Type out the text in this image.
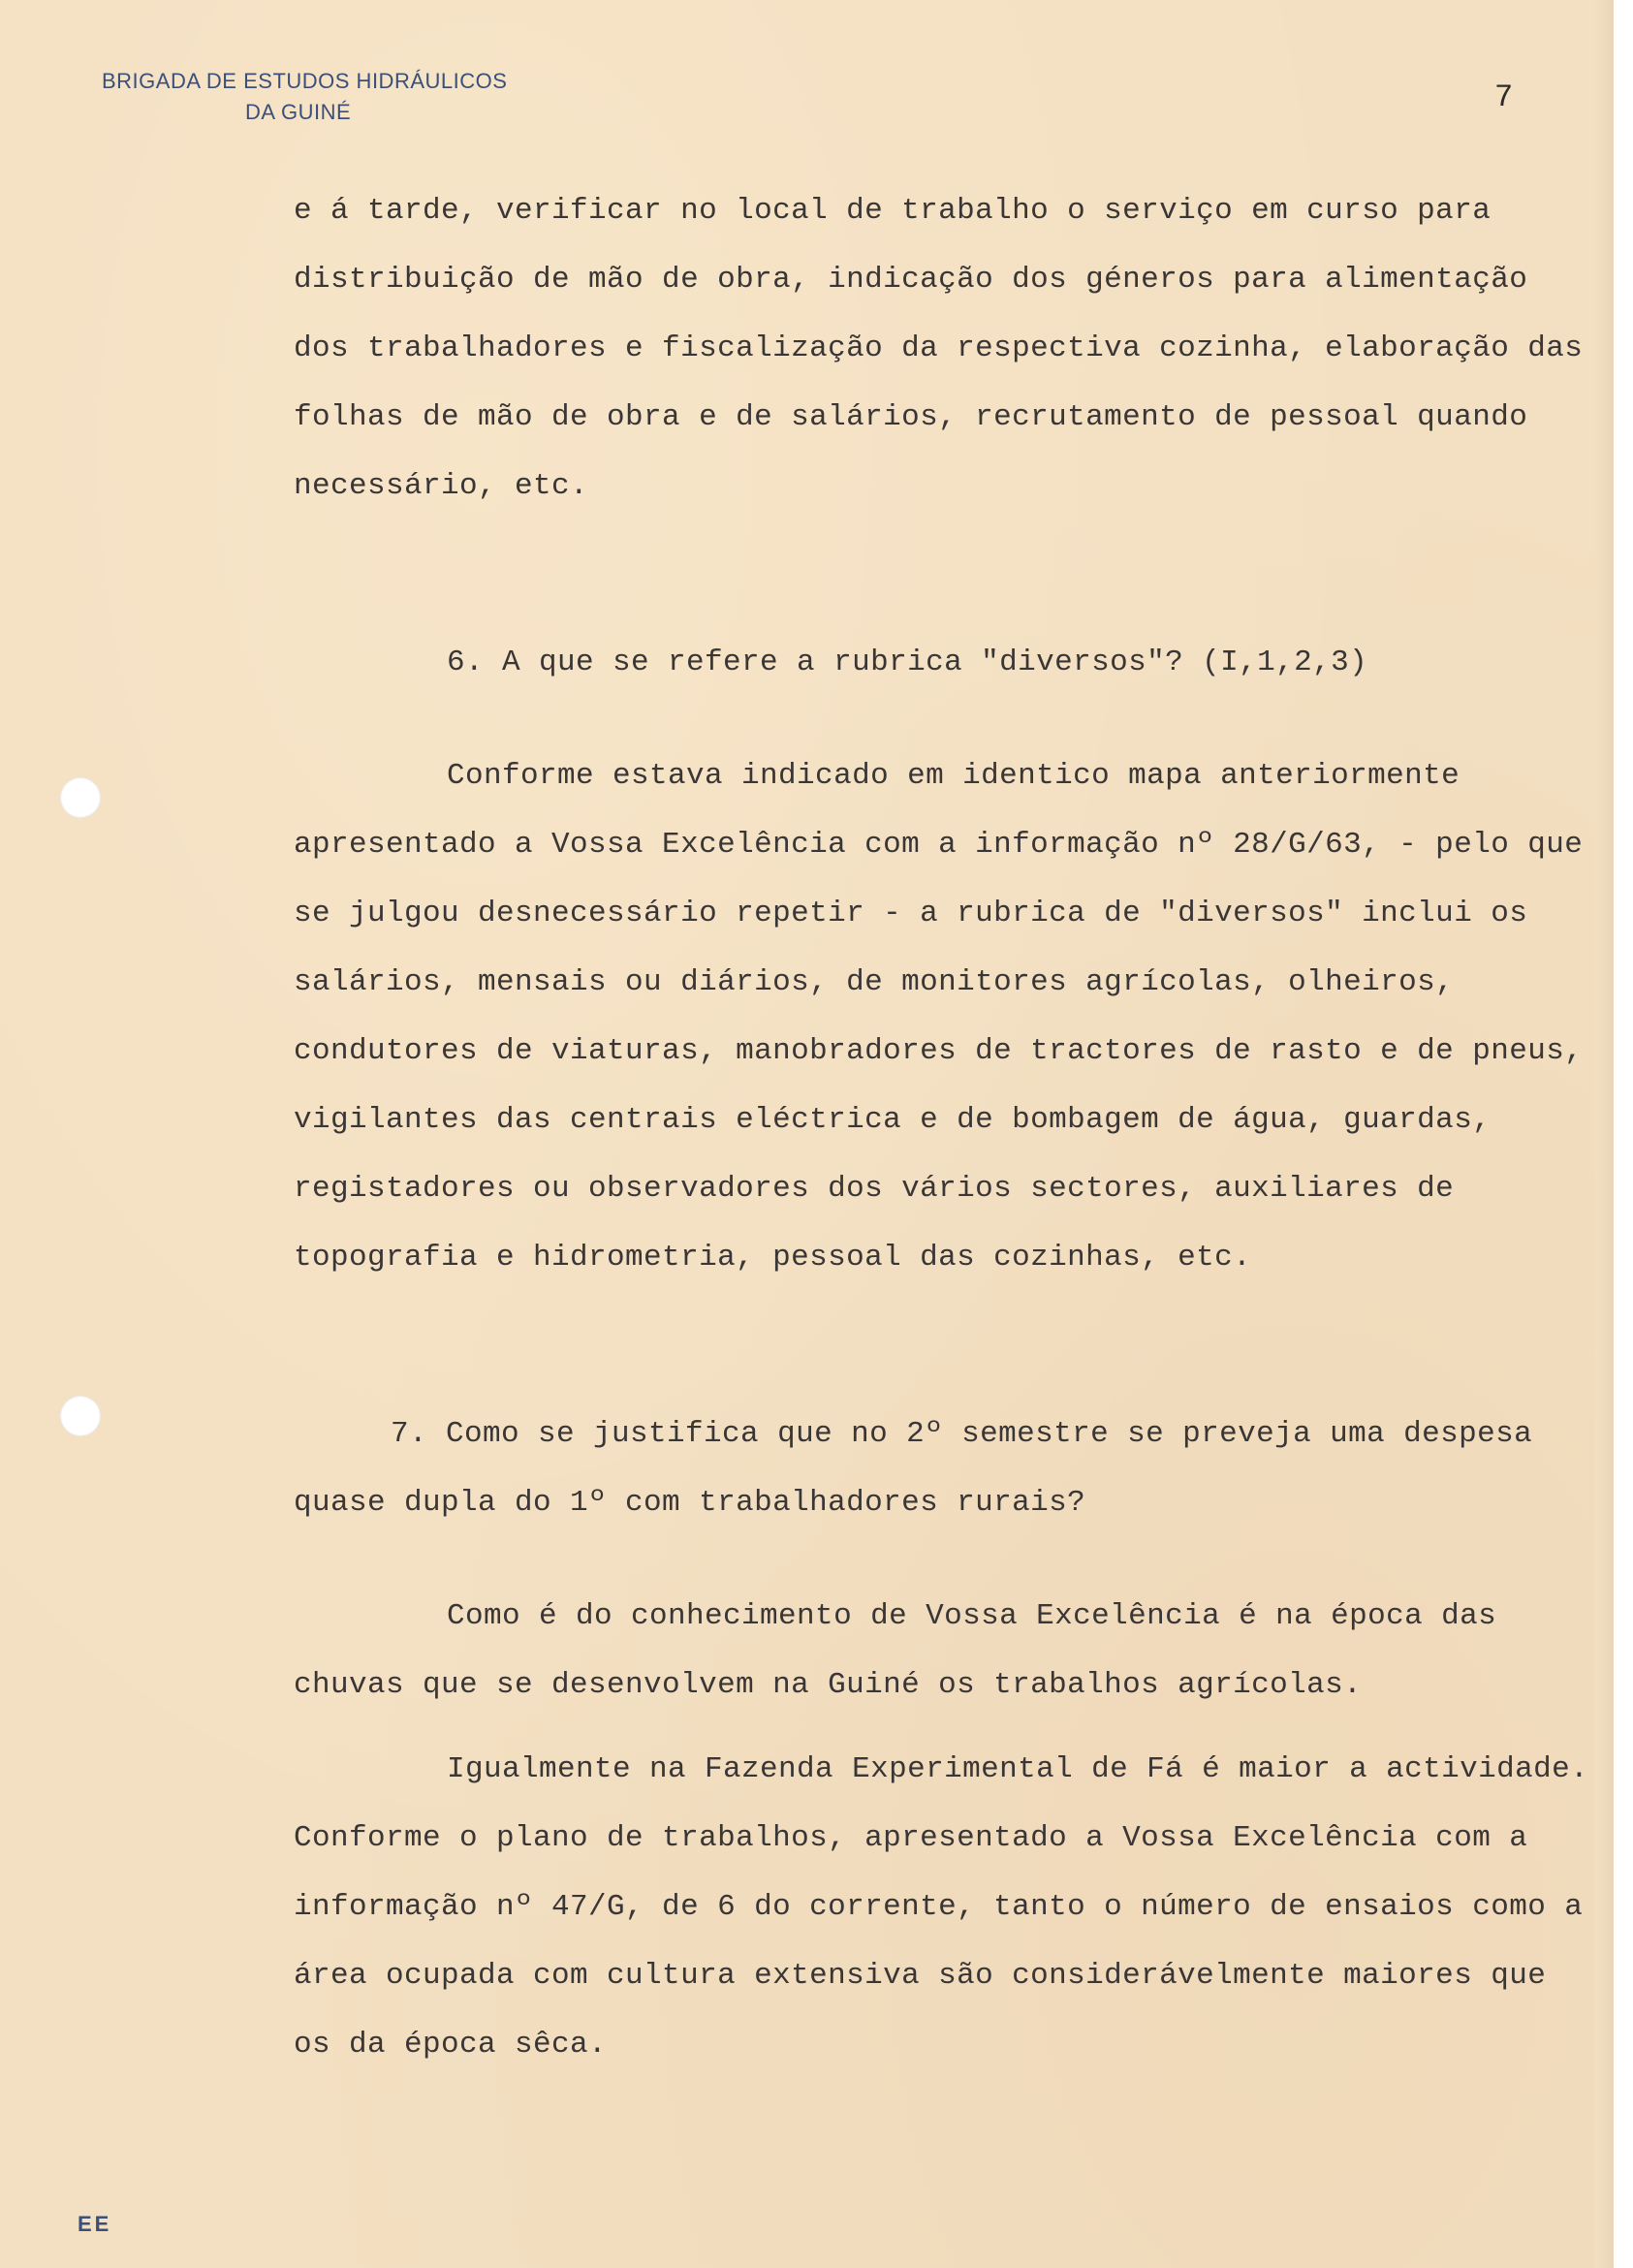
BRIGADA DE ESTUDOS HIDRÁULICOS
DA GUINÉ	7

e á tarde, verificar no local de trabalho o serviço em curso para distribuição de mão de obra, indicação dos géneros para alimentação dos trabalhadores e fiscalização da respectiva cozinha, elaboração das folhas de mão de obra e de salários, recrutamento de pessoal quando necessário, etc.

6. A que se refere a rubrica "diversos"? (I,1,2,3)

Conforme estava indicado em identico mapa anteriormente apresentado a Vossa Excelência com a informação nº 28/G/63, - pelo que se julgou desnecessário repetir - a rubrica de "diversos" inclui os salários, mensais ou diários, de monitores agrícolas, olheiros, condutores de viaturas, manobradores de tractores de rasto e de pneus, vigilantes das centrais eléctrica e de bombagem de água, guardas, registadores ou observadores dos vários sectores, auxiliares de topografia e hidrometria, pessoal das cozinhas, etc.

7. Como se justifica que no 2º semestre se preveja uma despesa quase dupla do 1º com trabalhadores rurais?

Como é do conhecimento de Vossa Excelência é na época das chuvas que se desenvolvem na Guiné os trabalhos agrícolas.

Igualmente na Fazenda Experimental de Fá é maior a actividade. Conforme o plano de trabalhos, apresentado a Vossa Excelência com a informação nº 47/G, de 6 do corrente, tanto o número de ensaios como a área ocupada com cultura extensiva são considerávelmente maiores que os da época sêca.

EE
